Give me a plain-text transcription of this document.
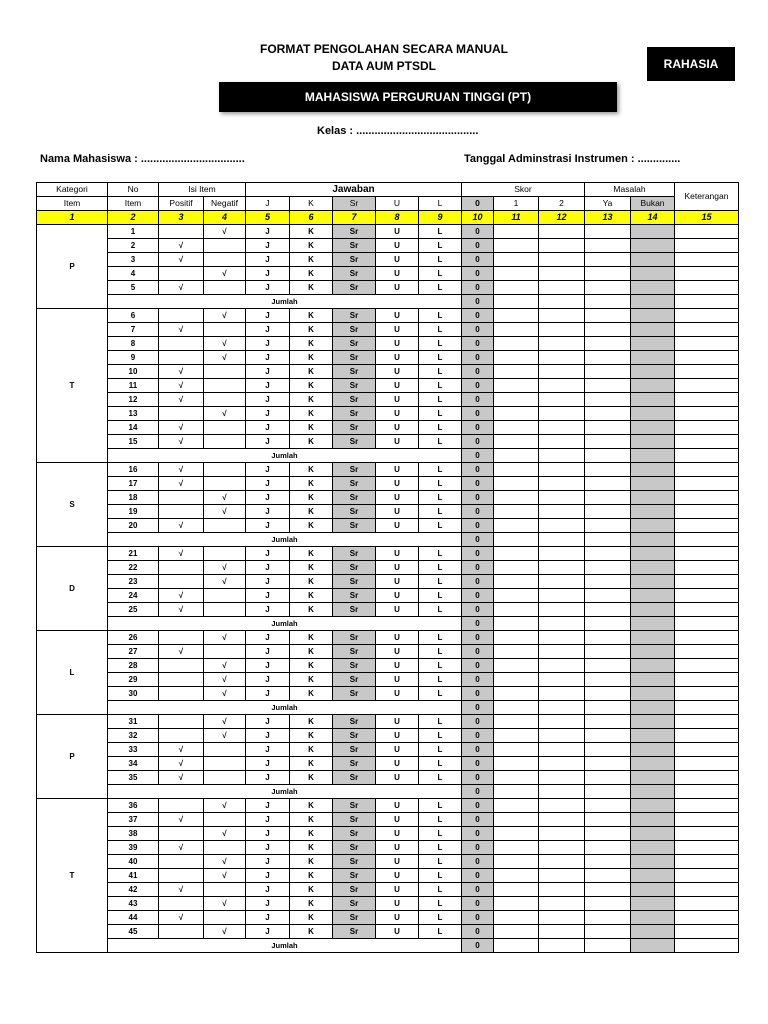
FORMAT PENGOLAHAN SECARA MANUAL
DATA AUM PTSDL	RAHASIA
MAHASISWA PERGURUAN TINGGI (PT)
Kelas : ........................................
Nama Mahasiswa : ..................................	Tanggal Adminstrasi Instrumen : ..............
Kategori	No	Isi Item		Jawaban					Skor			Masalah		Keterangan
Item	Item	Positif	Negatif	J	K	Sr	U	L	0	1	2	Ya	Bukan	
1	2	3	4	5	6	7	8	9	10	11	12	13	14	15
P	1		√	J	K	Sr	U	L	0					
	2	√		J	K	Sr	U	L	0					
	3	√		J	K	Sr	U	L	0					
	4		√	J	K	Sr	U	L	0					
	5	√		J	K	Sr	U	L	0					
	Jumlah								0					
T	6		√	J	K	Sr	U	L	0					
	7	√		J	K	Sr	U	L	0					
	8		√	J	K	Sr	U	L	0					
	9		√	J	K	Sr	U	L	0					
	10	√		J	K	Sr	U	L	0					
	11	√		J	K	Sr	U	L	0					
	12	√		J	K	Sr	U	L	0					
	13		√	J	K	Sr	U	L	0					
	14	√		J	K	Sr	U	L	0					
	15	√		J	K	Sr	U	L	0					
	Jumlah								0					
S	16	√		J	K	Sr	U	L	0					
	17	√		J	K	Sr	U	L	0					
	18		√	J	K	Sr	U	L	0					
	19		√	J	K	Sr	U	L	0					
	20	√		J	K	Sr	U	L	0					
	Jumlah								0					
D	21	√		J	K	Sr	U	L	0					
	22		√	J	K	Sr	U	L	0					
	23		√	J	K	Sr	U	L	0					
	24	√		J	K	Sr	U	L	0					
	25	√		J	K	Sr	U	L	0					
	Jumlah								0					
L	26		√	J	K	Sr	U	L	0					
	27	√		J	K	Sr	U	L	0					
	28		√	J	K	Sr	U	L	0					
	29		√	J	K	Sr	U	L	0					
	30		√	J	K	Sr	U	L	0					
	Jumlah								0					
P	31		√	J	K	Sr	U	L	0					
	32		√	J	K	Sr	U	L	0					
	33	√		J	K	Sr	U	L	0					
	34	√		J	K	Sr	U	L	0					
	35	√		J	K	Sr	U	L	0					
	Jumlah								0					
T	36		√	J	K	Sr	U	L	0					
	37	√		J	K	Sr	U	L	0					
	38		√	J	K	Sr	U	L	0					
	39	√		J	K	Sr	U	L	0					
	40		√	J	K	Sr	U	L	0					
	41		√	J	K	Sr	U	L	0					
	42	√		J	K	Sr	U	L	0					
	43		√	J	K	Sr	U	L	0					
	44	√		J	K	Sr	U	L	0					
	45		√	J	K	Sr	U	L	0					
	Jumlah								0					
